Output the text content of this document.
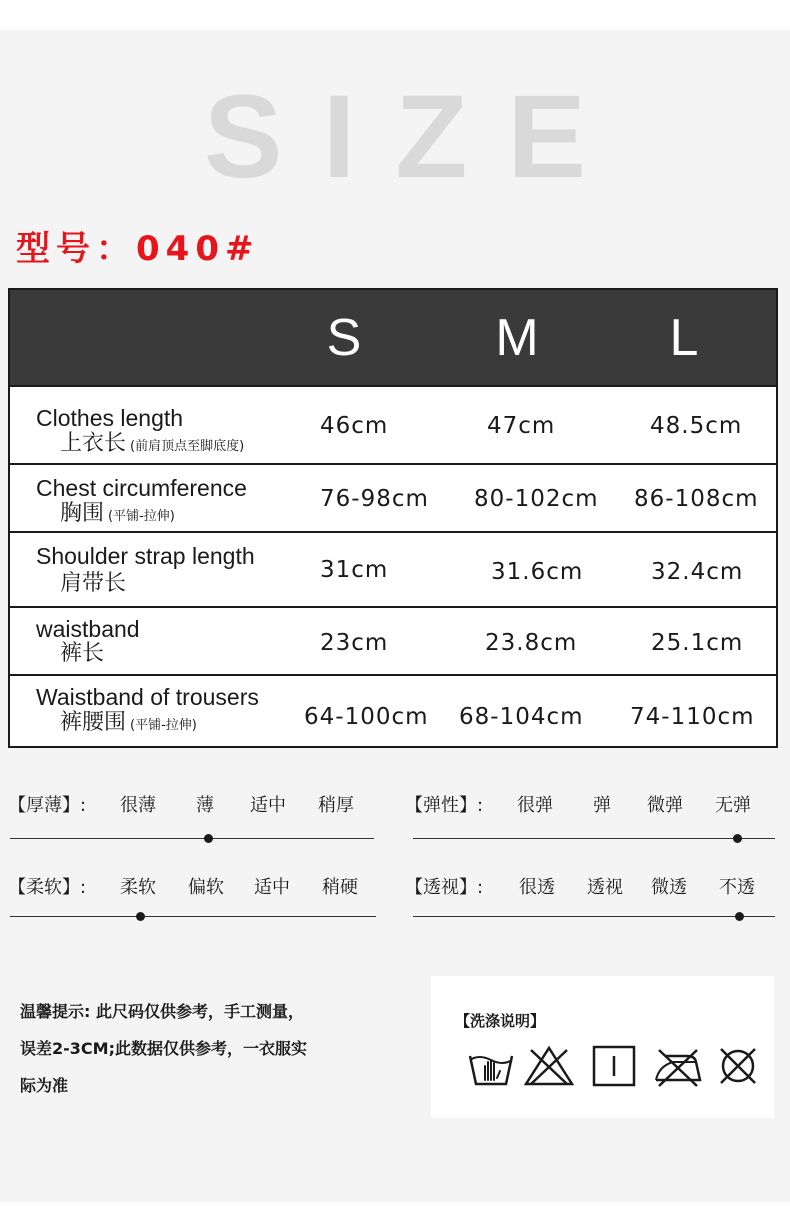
SIZE
型号：040#
S	M	L
Clothes length
上衣长 (前肩顶点至脚底度)
46cm	47cm	48.5cm
Chest circumference
胸围 (平铺-拉伸)
76-98cm 80-102cm 86-108cm
Shoulder strap length
肩带长
31cm	31.6cm	32.4cm
waistband
裤长	23cm	23.8cm	25.1cm
Waistband of trousers
裤腰围 (平铺-拉伸)	64-100cm 68-104cm 74-110cm
【厚薄】: 很薄 薄 适中 稍厚	【弹性】: 很弹 弹 微弹 无弹
【柔软】: 柔软 偏软 适中 稍硬	【透视】: 很透 透视 微透 不透
温馨提示: 此尺码仅供参考，手工测量，
误差2-3CM;此数据仅供参考，一衣服实
际为准
【洗涤说明】
